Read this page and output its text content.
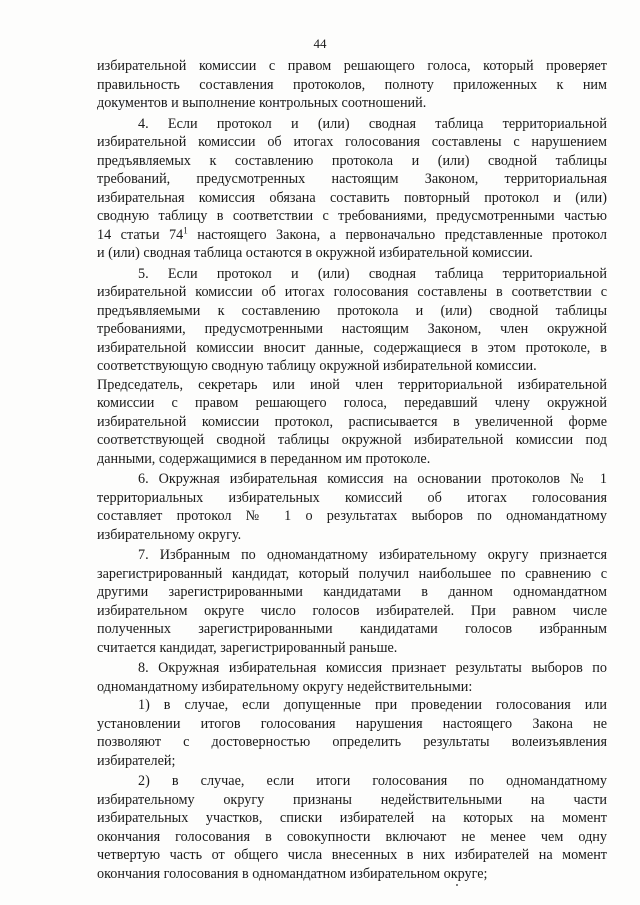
44
избирательной комиссии с правом решающего голоса, который проверяет
правильность составления протоколов, полноту приложенных к ним
документов и выполнение контрольных соотношений.
4. Если протокол и (или) сводная таблица территориальной
избирательной комиссии об итогах голосования составлены с нарушением
предъявляемых к составлению протокола и (или) сводной таблицы
требований, предусмотренных настоящим Законом, территориальная
избирательная комиссия обязана составить повторный протокол и (или)
сводную таблицу в соответствии с требованиями, предусмотренными частью
14 статьи $74^1$ настоящего Закона, а первоначально представленные протокол
и (или) сводная таблица остаются в окружной избирательной комиссии.
5. Если протокол и (или) сводная таблица территориальной
избирательной комиссии об итогах голосования составлены в соответствии с
предъявляемыми к составлению протокола и (или) сводной таблицы
требованиями, предусмотренными настоящим Законом, член окружной
избирательной комиссии вносит данные, содержащиеся в этом протоколе, в
соответствующую сводную таблицу окружной избирательной комиссии.
Председатель, секретарь или иной член территориальной избирательной
комиссии с правом решающего голоса, передавший члену окружной
избирательной комиссии протокол, расписывается в увеличенной форме
соответствующей сводной таблицы окружной избирательной комиссии под
данными, содержащимися в переданном им протоколе.
6. Окружная избирательная комиссия на основании протоколов № 1
территориальных избирательных комиссий об итогах голосования
составляет протокол № 1 о результатах выборов по одномандатному
избирательному округу.
7. Избранным по одномандатному избирательному округу признается
зарегистрированный кандидат, который получил наибольшее по сравнению с
другими зарегистрированными кандидатами в данном одномандатном
избирательном округе число голосов избирателей. При равном числе
полученных зарегистрированными кандидатами голосов избранным
считается кандидат, зарегистрированный раньше.
8. Окружная избирательная комиссия признает результаты выборов по
одномандатному избирательному округу недействительными:
1) в случае, если допущенные при проведении голосования или
установлении итогов голосования нарушения настоящего Закона не
позволяют с достоверностью определить результаты волеизъявления
избирателей;
2) в случае, если итоги голосования по одномандатному
избирательному округу признаны недействительными на части
избирательных участков, списки избирателей на которых на момент
окончания голосования в совокупности включают не менее чем одну
четвертую часть от общего числа внесенных в них избирателей на момент
окончания голосования в одномандатном избирательном округе;
